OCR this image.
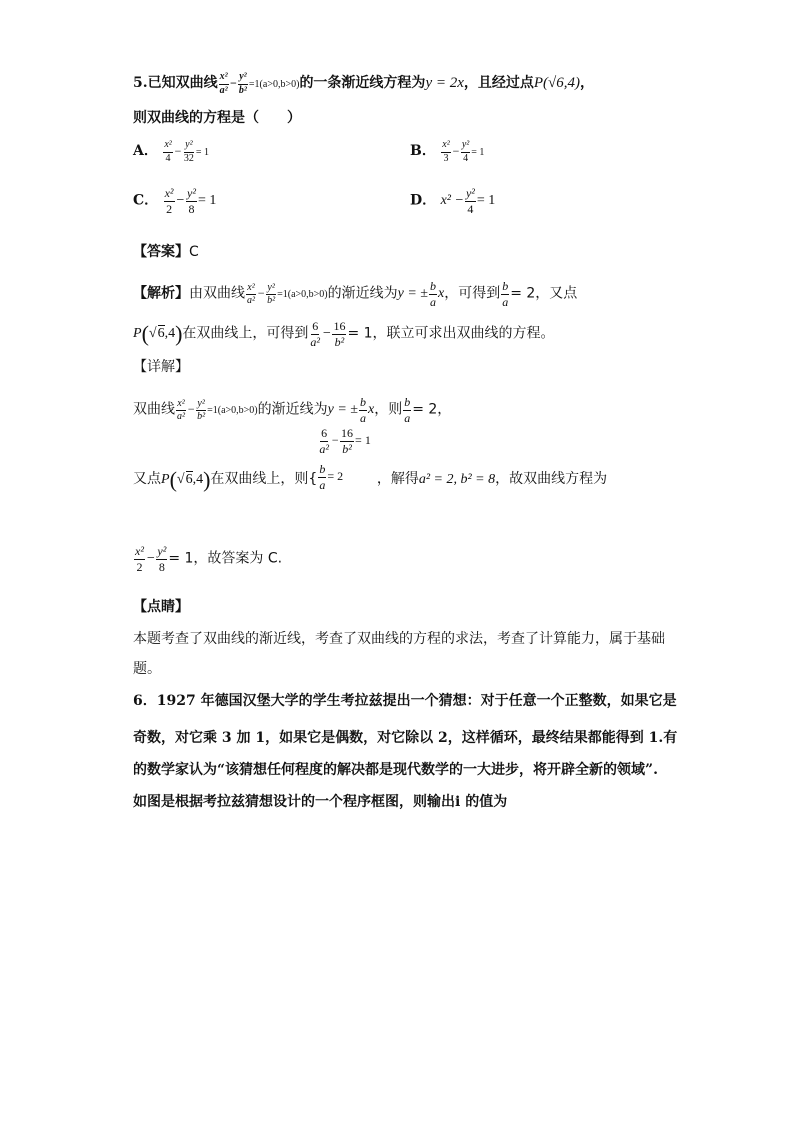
5.已知双曲线 $\frac{\text{x²}}{\text{a²}} - \frac{\text{y²}}{\text{b²}} =1(a>0,b>0)$的一条渐近线方程为y = 2x，且经过点P(√6,4)，
则双曲线的方程是（　　）
A． $\frac{\text{x²}}{4} - \frac{\text{y²}}{32} = 1$	B． $\frac{\text{x²}}{3} - \frac{\text{y²}}{4} = 1$
C． $\frac{\text{x²}}{2} - \frac{\text{y²}}{8} = 1$	D． $x^2 - \frac{\text{y²}}{4} = 1$
【答案】C
【解析】由双曲线 $\frac{\text{x²}}{\text{a²}} - \frac{\text{y²}}{\text{b²}} =1(a>0,b>0)$的渐近线为y = ± $\frac{b}{a}$ x，可得到 $\frac{b}{a} = 2$，又点
P(√6,4)在双曲线上，可得到 $\frac{6}{\text{a²}} - \frac{16}{\text{b²}} = 1$，联立可求出双曲线的方程。
【详解】
双曲线 $\frac{\text{x²}}{\text{a²}} - \frac{\text{y²}}{\text{b²}} =1(a>0,b>0)$的渐近线为y = ± $\frac{b}{a}$ x，则 $\frac{b}{a} = 2$，
又点P(√6,4)在双曲线上，则{
$\frac{6}{\text{a²}} - \frac{16}{\text{b²}} = 1$
$\frac{b}{a} = 2$	，解得a² = 2, b² = 8，故双曲线方程为
$\frac{\text{x²}}{2} - \frac{\text{y²}}{8} = 1$，故答案为 C.
【点睛】
本题考查了双曲线的渐近线，考查了双曲线的方程的求法，考查了计算能力，属于基础
题。
6．1927 年德国汉堡大学的学生考拉兹提出一个猜想：对于任意一个正整数，如果它是
奇数，对它乘 3 加 1，如果它是偶数，对它除以 2，这样循环，最终结果都能得到 1.有
的数学家认为“该猜想任何程度的解决都是现代数学的一大进步，将开辟全新的领域”.
如图是根据考拉兹猜想设计的一个程序框图，则输出i 的值为
